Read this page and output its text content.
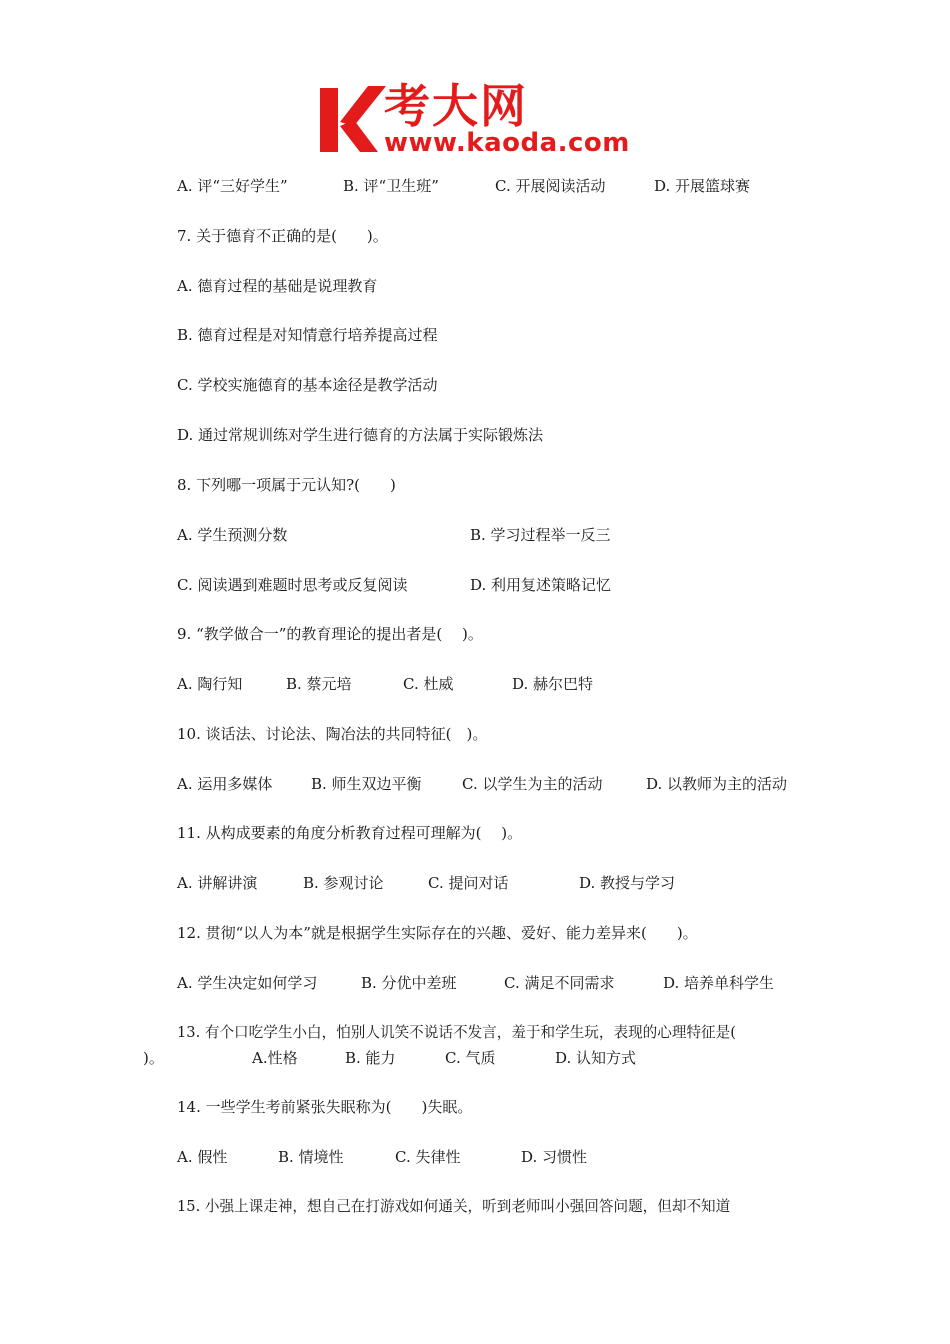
考大网
www.kaoda.com
A. 评“三好学生”	B. 评“卫生班”	C. 开展阅读活动	D. 开展篮球赛
7. 关于德育不正确的是(　　)。
A. 德育过程的基础是说理教育
B. 德育过程是对知情意行培养提高过程
C. 学校实施德育的基本途径是教学活动
D. 通过常规训练对学生进行德育的方法属于实际锻炼法
8. 下列哪一项属于元认知?(　　)
A. 学生预测分数	B. 学习过程举一反三
C. 阅读遇到难题时思考或反复阅读	D. 利用复述策略记忆
9. “教学做合一”的教育理论的提出者是(　 )。
A. 陶行知	B. 蔡元培	C. 杜威	D. 赫尔巴特
10. 谈话法、讨论法、陶冶法的共同特征(　)。
A. 运用多媒体	B. 师生双边平衡	C. 以学生为主的活动	D. 以教师为主的活动
11. 从构成要素的角度分析教育过程可理解为(　 )。
A. 讲解讲演	B. 参观讨论	C. 提问对话	D. 教授与学习
12. 贯彻“以人为本”就是根据学生实际存在的兴趣、爱好、能力差异来(　　)。
A. 学生决定如何学习	B. 分优中差班	C. 满足不同需求	D. 培养单科学生
13. 有个口吃学生小白，怕别人讥笑不说话不发言，羞于和学生玩，表现的心理特征是(
)。	A.性格	B. 能力	C. 气质	D. 认知方式
14. 一些学生考前紧张失眠称为(　　)失眠。
A. 假性	B. 情境性	C. 失律性	D. 习惯性
15. 小强上课走神，想自己在打游戏如何通关，听到老师叫小强回答问题，但却不知道
